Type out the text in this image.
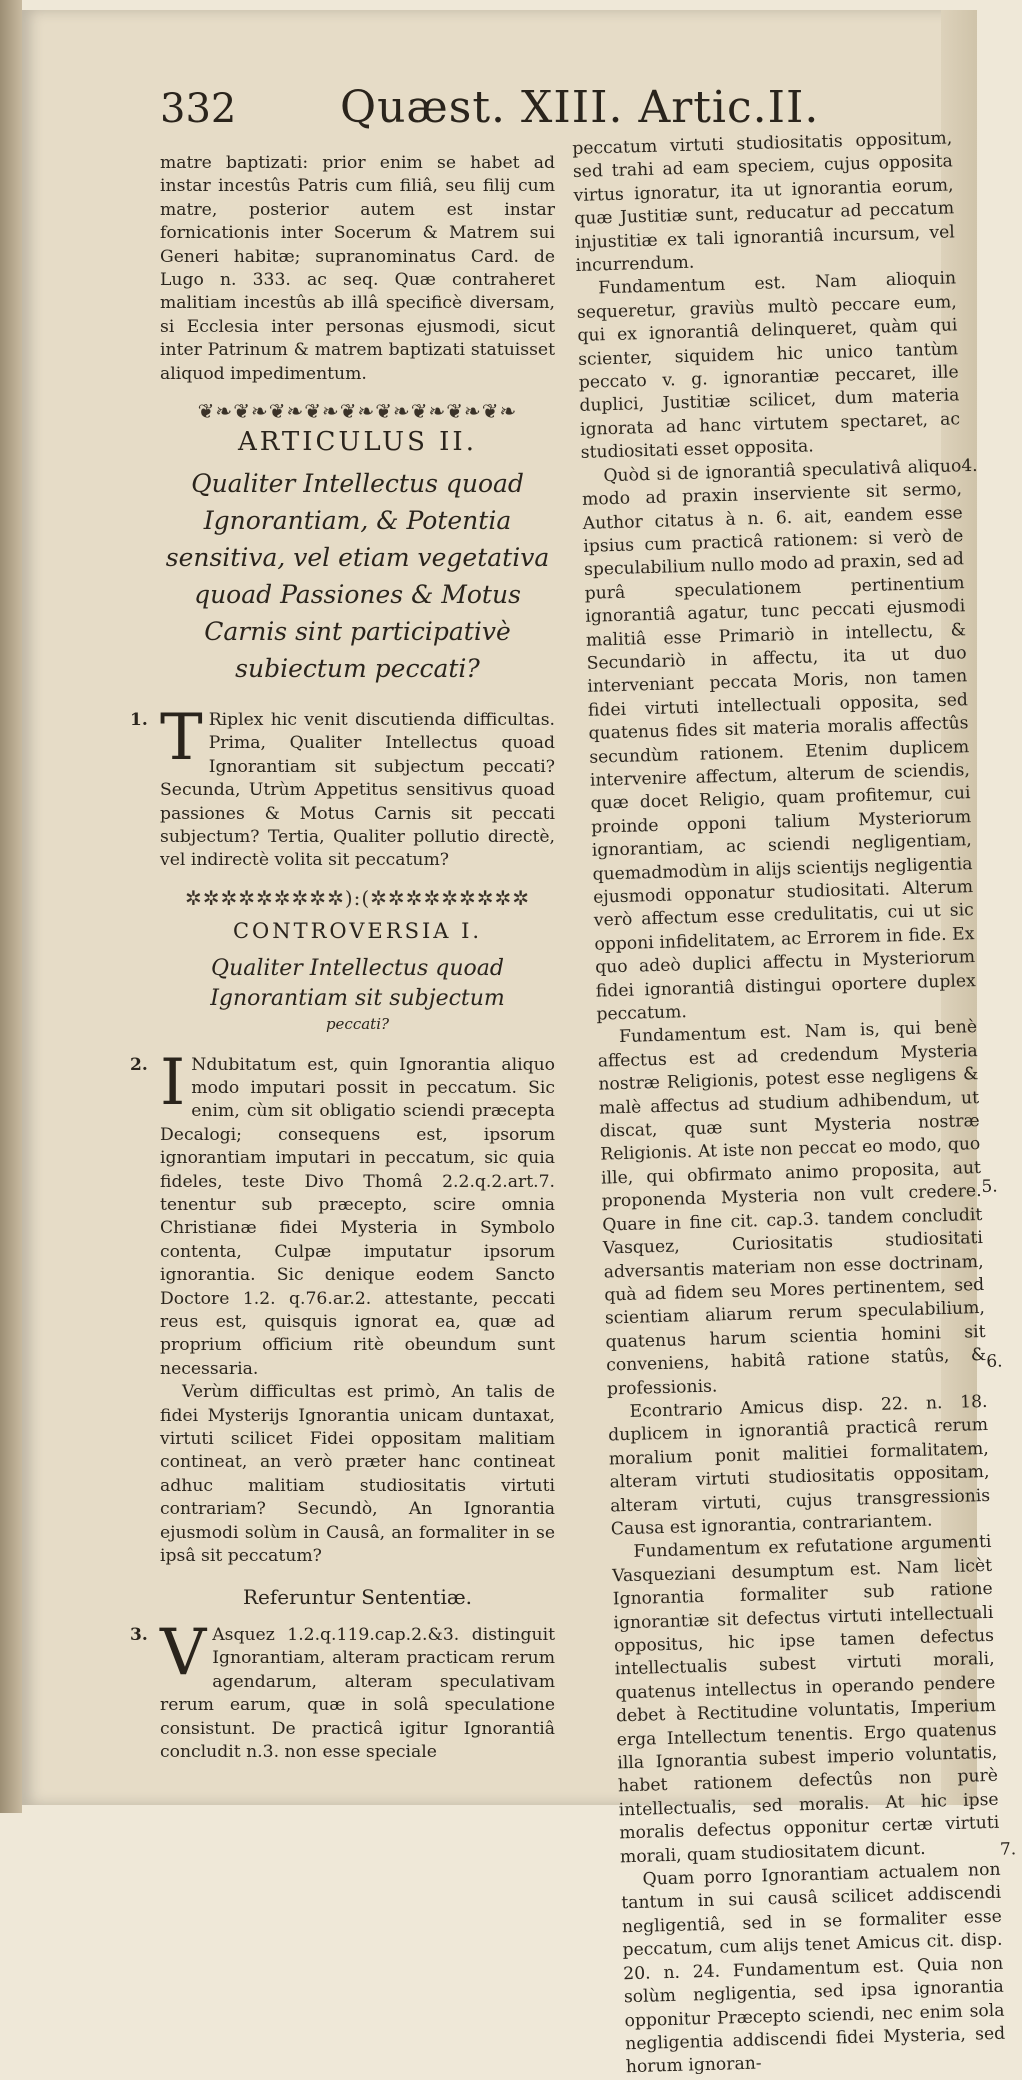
332 Quæst. XIII. Artic.II.

matre baptizati: prior enim se habet ad instar incestûs Patris cum filiâ, seu filij cum matre, posterior autem est instar fornicationis inter Socerum & Matrem sui Generi habitæ; supranominatus Card. de Lugo n. 333. ac seq. Quæ contraheret malitiam incestûs ab illâ specificè diversam, si Ecclesia inter personas ejusmodi, sicut inter Patrinum & matrem baptizati statuisset aliquod impedimentum.

❦❧❦❧❦❧❦❧❦❧❦❧❦❧❦❧❦❧
ARTICULUS II.
Qualiter Intellectus quoad Ignorantiam, & Potentia sensitiva, vel etiam vegetativa quoad Passiones & Motus Carnis sint participativè subiectum peccati?
1. T Riplex hic venit discutienda difficultas. Prima, Qualiter Intellectus quoad Ignorantiam sit subjectum peccati? Secunda, Utrùm Appetitus sensitivus quoad passiones & Motus Carnis sit peccati subjectum? Tertia, Qualiter pollutio directè, vel indirectè volita sit peccatum?

✲✲✲✲✲✲✲✲✲):(✲✲✲✲✲✲✲✲✲
CONTROVERSIA I.
Qualiter Intellectus quoad Ignorantiam sit subjectum
peccati?
2. I Ndubitatum est, quin Ignorantia aliquo modo imputari possit in peccatum. Sic enim, cùm sit obligatio sciendi præcepta Decalogi; consequens est, ipsorum ignorantiam imputari in peccatum, sic quia fideles, teste Divo Thomâ 2.2.q.2.art.7. tenentur sub præcepto, scire omnia Christianæ fidei Mysteria in Symbolo contenta, Culpæ imputatur ipsorum ignorantia. Sic denique eodem Sancto Doctore 1.2. q.76.ar.2. attestante, peccati reus est, quisquis ignorat ea, quæ ad proprium officium ritè obeundum sunt necessaria.

Verùm difficultas est primò, An talis de fidei Mysterijs Ignorantia unicam duntaxat, virtuti scilicet Fidei oppositam malitiam contineat, an verò præter hanc contineat adhuc malitiam studiositatis virtuti contrariam? Secundò, An Ignorantia ejusmodi solùm in Causâ, an formaliter in se ipsâ sit peccatum?

Referuntur Sententiæ.
3. V Asquez 1.2.q.119.cap.2.&3. distinguit Ignorantiam, alteram practicam rerum agendarum, alteram speculativam rerum earum, quæ in solâ speculatione consistunt. De practicâ igitur Ignorantiâ concludit n.3. non esse speciale

peccatum virtuti studiositatis oppositum, sed trahi ad eam speciem, cujus opposita virtus ignoratur, ita ut ignorantia eorum, quæ Justitiæ sunt, reducatur ad peccatum injustitiæ ex tali ignorantiâ incursum, vel incurrendum.

Fundamentum est. Nam alioquin sequeretur, graviùs multò peccare eum, qui ex ignorantiâ delinqueret, quàm qui scienter, siquidem hic unico tantùm peccato v. g. ignorantiæ peccaret, ille duplici, Justitiæ scilicet, dum materia ignorata ad hanc virtutem spectaret, ac studiositati esset opposita.

4.

Quòd si de ignorantiâ speculativâ aliquo modo ad praxin inserviente sit sermo, Author citatus à n. 6. ait, eandem esse ipsius cum practicâ rationem: si verò de speculabilium nullo modo ad praxin, sed ad purâ speculationem pertinentium ignorantiâ agatur, tunc peccati ejusmodi malitiâ esse Primariò in intellectu, & Secundariò in affectu, ita ut duo interveniant peccata Moris, non tamen fidei virtuti intellectuali opposita, sed quatenus fides sit materia moralis affectûs secundùm rationem. Etenim duplicem intervenire affectum, alterum de sciendis, quæ docet Religio, quam profitemur, cui proinde opponi talium Mysteriorum ignorantiam, ac sciendi negligentiam, quemadmodùm in alijs scientijs negligentia ejusmodi opponatur studiositati. Alterum verò affectum esse credulitatis, cui ut sic opponi infidelitatem, ac Errorem in fide. Ex quo adeò duplici affectu in Mysteriorum fidei ignorantiâ distingui oportere duplex peccatum.

5.

Fundamentum est. Nam is, qui benè affectus est ad credendum Mysteria nostræ Religionis, potest esse negligens & malè affectus ad studium adhibendum, ut discat, quæ sunt Mysteria nostræ Religionis. At iste non peccat eo modo, quo ille, qui obfirmato animo proposita, aut proponenda Mysteria non vult credere. Quare in fine cit. cap.3. tandem concludit Vasquez, Curiositatis studiositati adversantis materiam non esse doctrinam, quà ad fidem seu Mores pertinentem, sed scientiam aliarum rerum speculabilium, quatenus harum scientia homini sit conveniens, habitâ ratione statûs, & professionis.

6.

Econtrario Amicus disp. 22. n. 18. duplicem in ignorantiâ practicâ rerum moralium ponit malitiei formalitatem, alteram virtuti studiositatis oppositam, alteram virtuti, cujus transgressionis Causa est ignorantia, contrariantem.

Fundamentum ex refutatione argumenti Vasqueziani desumptum est. Nam licèt Ignorantia formaliter sub ratione ignorantiæ sit defectus virtuti intellectuali oppositus, hic ipse tamen defectus intellectualis subest virtuti morali, quatenus intellectus in operando pendere debet à Rectitudine voluntatis, Imperium erga Intellectum tenentis. Ergo quatenus illa Ignorantia subest imperio voluntatis, habet rationem defectûs non purè intellectualis, sed moralis. At hic ipse moralis defectus opponitur certæ virtuti morali, quam studiositatem dicunt.	7.

Quam porro Ignorantiam actualem non tantum in sui causâ scilicet addiscendi negligentiâ, sed in se formaliter esse peccatum, cum alijs tenet Amicus cit. disp. 20. n. 24. Fundamentum est. Quia non solùm negligentia, sed ipsa ignorantia opponitur Præcepto sciendi, nec enim sola negligentia addiscendi fidei Mysteria, sed horum ignoran-
